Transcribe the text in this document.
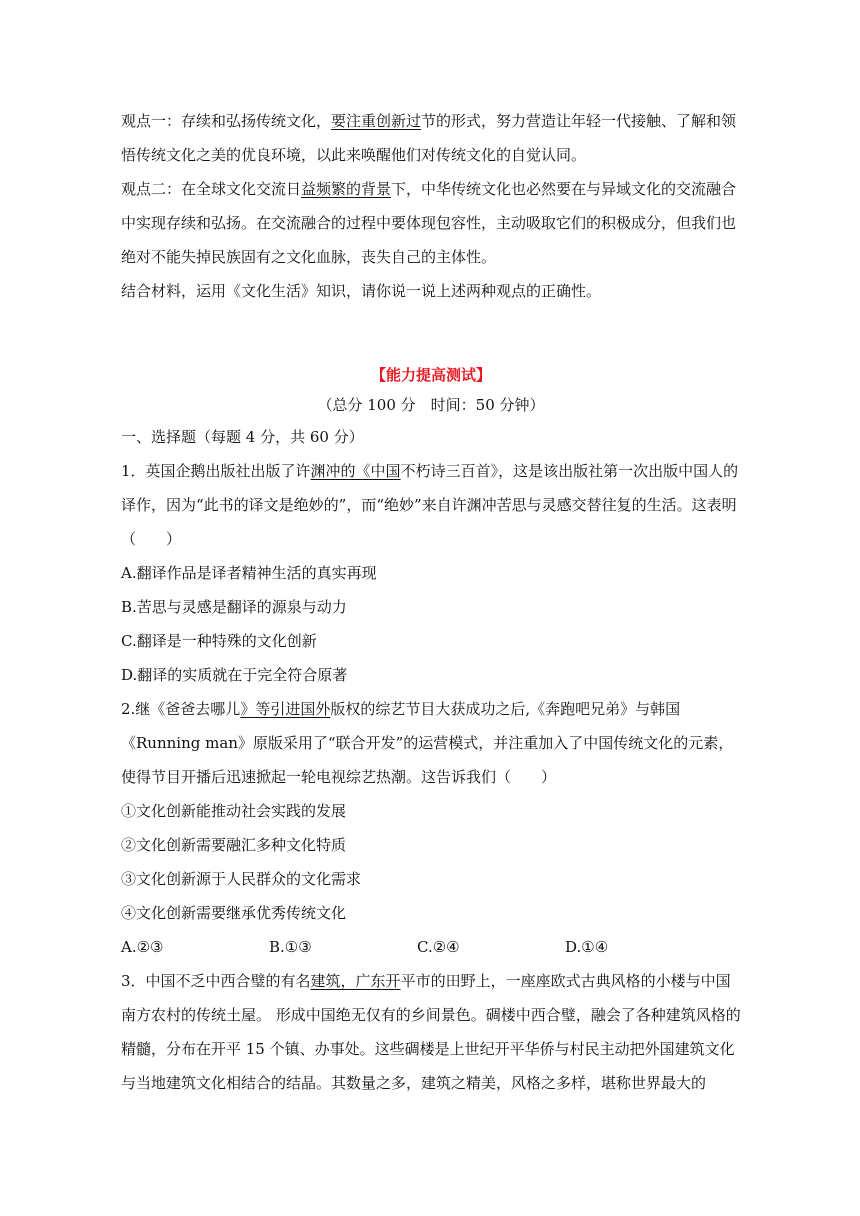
观点一：存续和弘扬传统文化，要注重创新过节的形式，努力营造让年轻一代接触、了解和领悟传统文化之美的优良环境，以此来唤醒他们对传统文化的自觉认同。

观点二：在全球文化交流日益频繁的背景下，中华传统文化也必然要在与异域文化的交流融合中实现存续和弘扬。在交流融合的过程中要体现包容性，主动吸取它们的积极成分，但我们也绝对不能失掉民族固有之文化血脉，丧失自己的主体性。

结合材料，运用《文化生活》知识，请你说一说上述两种观点的正确性。

【能力提高测试】

（总分 100 分　时间：50 分钟）

一、选择题（每题 4 分，共 60 分）

1．英国企鹅出版社出版了许渊冲的《中国不朽诗三百首》，这是该出版社第一次出版中国人的译作，因为“此书的译文是绝妙的”，而“绝妙”来自许渊冲苦思与灵感交替往复的生活。这表明（　　）

A.翻译作品是译者精神生活的真实再现

B.苦思与灵感是翻译的源泉与动力

C.翻译是一种特殊的文化创新

D.翻译的实质就在于完全符合原著

2.继《爸爸去哪儿》等引进国外版权的综艺节目大获成功之后,《奔跑吧兄弟》与韩国《Running man》原版采用了“联合开发”的运营模式，并注重加入了中国传统文化的元素，使得节目开播后迅速掀起一轮电视综艺热潮。这告诉我们（　　）

①文化创新能推动社会实践的发展

②文化创新需要融汇多种文化特质

③文化创新源于人民群众的文化需求

④文化创新需要继承优秀传统文化

A.②③	B.①③	C.②④	D.①④

3．中国不乏中西合璧的有名建筑，广东开平市的田野上，一座座欧式古典风格的小楼与中国南方农村的传统土屋。 形成中国绝无仅有的乡间景色。碉楼中西合璧，融会了各种建筑风格的精髓，分布在开平 15 个镇、办事处。这些碉楼是上世纪开平华侨与村民主动把外国建筑文化与当地建筑文化相结合的结晶。其数量之多，建筑之精美，风格之多样，堪称世界最大的
